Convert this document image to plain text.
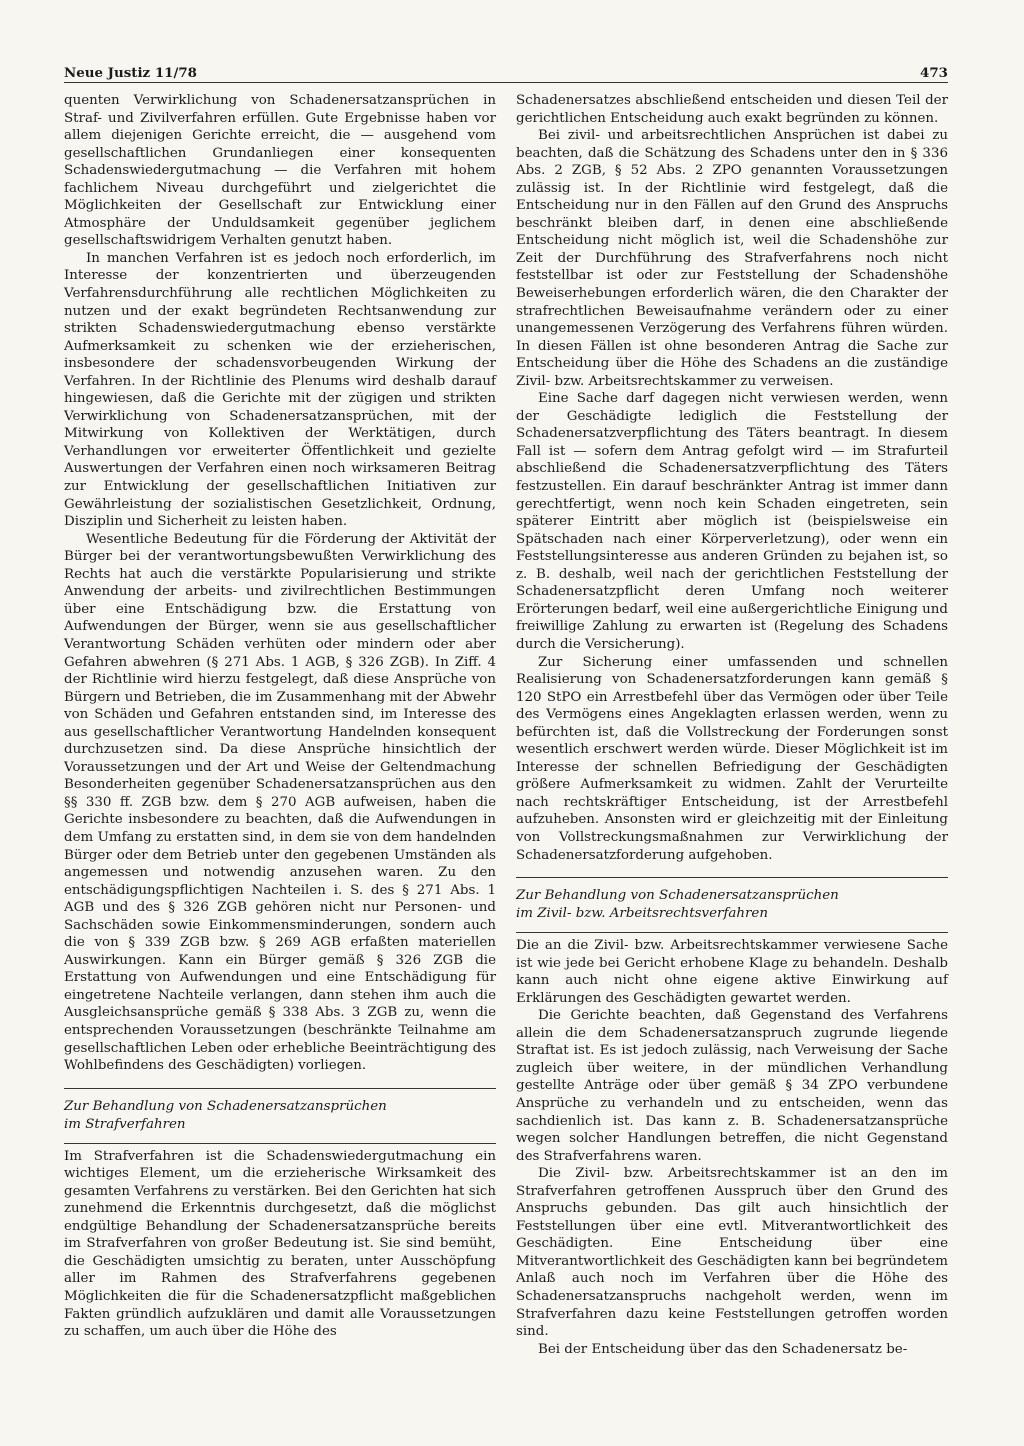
Neue Justiz 11/78	473

quenten Verwirklichung von Schadenersatzansprüchen in Straf- und Zivilverfahren erfüllen. Gute Ergebnisse haben vor allem diejenigen Gerichte erreicht, die — ausgehend vom gesellschaftlichen Grundanliegen einer konsequenten Schadenswiedergutmachung — die Verfahren mit hohem fachlichem Niveau durchgeführt und zielgerichtet die Möglichkeiten der Gesellschaft zur Entwicklung einer Atmosphäre der Unduldsamkeit gegenüber jeglichem gesellschaftswidrigem Verhalten genutzt haben.

In manchen Verfahren ist es jedoch noch erforderlich, im Interesse der konzentrierten und überzeugenden Verfahrensdurchführung alle rechtlichen Möglichkeiten zu nutzen und der exakt begründeten Rechtsanwendung zur strikten Schadenswiedergutmachung ebenso verstärkte Aufmerksamkeit zu schenken wie der erzieherischen, insbesondere der schadensvorbeugenden Wirkung der Verfahren. In der Richtlinie des Plenums wird deshalb darauf hingewiesen, daß die Gerichte mit der zügigen und strikten Verwirklichung von Schadenersatzansprüchen, mit der Mitwirkung von Kollektiven der Werktätigen, durch Verhandlungen vor erweiterter Öffentlichkeit und gezielte Auswertungen der Verfahren einen noch wirksameren Beitrag zur Entwicklung der gesellschaftlichen Initiativen zur Gewährleistung der sozialistischen Gesetzlichkeit, Ordnung, Disziplin und Sicherheit zu leisten haben.

Wesentliche Bedeutung für die Förderung der Aktivität der Bürger bei der verantwortungsbewußten Verwirklichung des Rechts hat auch die verstärkte Popularisierung und strikte Anwendung der arbeits- und zivilrechtlichen Bestimmungen über eine Entschädigung bzw. die Erstattung von Aufwendungen der Bürger, wenn sie aus gesellschaftlicher Verantwortung Schäden verhüten oder mindern oder aber Gefahren abwehren (§ 271 Abs. 1 AGB, § 326 ZGB). In Ziff. 4 der Richtlinie wird hierzu festgelegt, daß diese Ansprüche von Bürgern und Betrieben, die im Zusammenhang mit der Abwehr von Schäden und Gefahren entstanden sind, im Interesse des aus gesellschaftlicher Verantwortung Handelnden konsequent durchzusetzen sind. Da diese Ansprüche hinsichtlich der Voraussetzungen und der Art und Weise der Geltendmachung Besonderheiten gegenüber Schadenersatzansprüchen aus den §§ 330 ff. ZGB bzw. dem § 270 AGB aufweisen, haben die Gerichte insbesondere zu beachten, daß die Aufwendungen in dem Umfang zu erstatten sind, in dem sie von dem handelnden Bürger oder dem Betrieb unter den gegebenen Umständen als angemessen und notwendig anzusehen waren. Zu den entschädigungspflichtigen Nachteilen i. S. des § 271 Abs. 1 AGB und des § 326 ZGB gehören nicht nur Personen- und Sachschäden sowie Einkommensminderungen, sondern auch die von § 339 ZGB bzw. § 269 AGB erfaßten materiellen Auswirkungen. Kann ein Bürger gemäß § 326 ZGB die Erstattung von Aufwendungen und eine Entschädigung für eingetretene Nachteile verlangen, dann stehen ihm auch die Ausgleichsansprüche gemäß § 338 Abs. 3 ZGB zu, wenn die entsprechenden Voraussetzungen (beschränkte Teilnahme am gesellschaftlichen Leben oder erhebliche Beeinträchtigung des Wohlbefindens des Geschädigten) vorliegen.

Zur Behandlung von Schadenersatzansprüchen
im Strafverfahren

Im Strafverfahren ist die Schadenswiedergutmachung ein wichtiges Element, um die erzieherische Wirksamkeit des gesamten Verfahrens zu verstärken. Bei den Gerichten hat sich zunehmend die Erkenntnis durchgesetzt, daß die möglichst endgültige Behandlung der Schadenersatzansprüche bereits im Strafverfahren von großer Bedeutung ist. Sie sind bemüht, die Geschädigten umsichtig zu beraten, unter Ausschöpfung aller im Rahmen des Strafverfahrens gegebenen Möglichkeiten die für die Schadenersatzpflicht maßgeblichen Fakten gründlich aufzuklären und damit alle Voraussetzungen zu schaffen, um auch über die Höhe des

Schadenersatzes abschließend entscheiden und diesen Teil der gerichtlichen Entscheidung auch exakt begründen zu können.

Bei zivil- und arbeitsrechtlichen Ansprüchen ist dabei zu beachten, daß die Schätzung des Schadens unter den in § 336 Abs. 2 ZGB, § 52 Abs. 2 ZPO genannten Voraussetzungen zulässig ist. In der Richtlinie wird festgelegt, daß die Entscheidung nur in den Fällen auf den Grund des Anspruchs beschränkt bleiben darf, in denen eine abschließende Entscheidung nicht möglich ist, weil die Schadenshöhe zur Zeit der Durchführung des Strafverfahrens noch nicht feststellbar ist oder zur Feststellung der Schadenshöhe Beweiserhebungen erforderlich wären, die den Charakter der strafrechtlichen Beweisaufnahme verändern oder zu einer unangemessenen Verzögerung des Verfahrens führen würden. In diesen Fällen ist ohne besonderen Antrag die Sache zur Entscheidung über die Höhe des Schadens an die zuständige Zivil- bzw. Arbeitsrechtskammer zu verweisen.

Eine Sache darf dagegen nicht verwiesen werden, wenn der Geschädigte lediglich die Feststellung der Schadenersatzverpflichtung des Täters beantragt. In diesem Fall ist — sofern dem Antrag gefolgt wird — im Strafurteil abschließend die Schadenersatzverpflichtung des Täters festzustellen. Ein darauf beschränkter Antrag ist immer dann gerechtfertigt, wenn noch kein Schaden eingetreten, sein späterer Eintritt aber möglich ist (beispielsweise ein Spätschaden nach einer Körperverletzung), oder wenn ein Feststellungsinteresse aus anderen Gründen zu bejahen ist, so z. B. deshalb, weil nach der gerichtlichen Feststellung der Schadenersatzpflicht deren Umfang noch weiterer Erörterungen bedarf, weil eine außergerichtliche Einigung und freiwillige Zahlung zu erwarten ist (Regelung des Schadens durch die Versicherung).

Zur Sicherung einer umfassenden und schnellen Realisierung von Schadenersatzforderungen kann gemäß § 120 StPO ein Arrestbefehl über das Vermögen oder über Teile des Vermögens eines Angeklagten erlassen werden, wenn zu befürchten ist, daß die Vollstreckung der Forderungen sonst wesentlich erschwert werden würde. Dieser Möglichkeit ist im Interesse der schnellen Befriedigung der Geschädigten größere Aufmerksamkeit zu widmen. Zahlt der Verurteilte nach rechtskräftiger Entscheidung, ist der Arrestbefehl aufzuheben. Ansonsten wird er gleichzeitig mit der Einleitung von Vollstreckungsmaßnahmen zur Verwirklichung der Schadenersatzforderung aufgehoben.

Zur Behandlung von Schadenersatzansprüchen
im Zivil- bzw. Arbeitsrechtsverfahren

Die an die Zivil- bzw. Arbeitsrechtskammer verwiesene Sache ist wie jede bei Gericht erhobene Klage zu behandeln. Deshalb kann auch nicht ohne eigene aktive Einwirkung auf Erklärungen des Geschädigten gewartet werden.

Die Gerichte beachten, daß Gegenstand des Verfahrens allein die dem Schadenersatzanspruch zugrunde liegende Straftat ist. Es ist jedoch zulässig, nach Verweisung der Sache zugleich über weitere, in der mündlichen Verhandlung gestellte Anträge oder über gemäß § 34 ZPO verbundene Ansprüche zu verhandeln und zu entscheiden, wenn das sachdienlich ist. Das kann z. B. Schadenersatzansprüche wegen solcher Handlungen betreffen, die nicht Gegenstand des Strafverfahrens waren.

Die Zivil- bzw. Arbeitsrechtskammer ist an den im Strafverfahren getroffenen Ausspruch über den Grund des Anspruchs gebunden. Das gilt auch hinsichtlich der Feststellungen über eine evtl. Mitverantwortlichkeit des Geschädigten. Eine Entscheidung über eine Mitverantwortlichkeit des Geschädigten kann bei begründetem Anlaß auch noch im Verfahren über die Höhe des Schadenersatzanspruchs nachgeholt werden, wenn im Strafverfahren dazu keine Feststellungen getroffen worden sind.

Bei der Entscheidung über das den Schadenersatz be-
